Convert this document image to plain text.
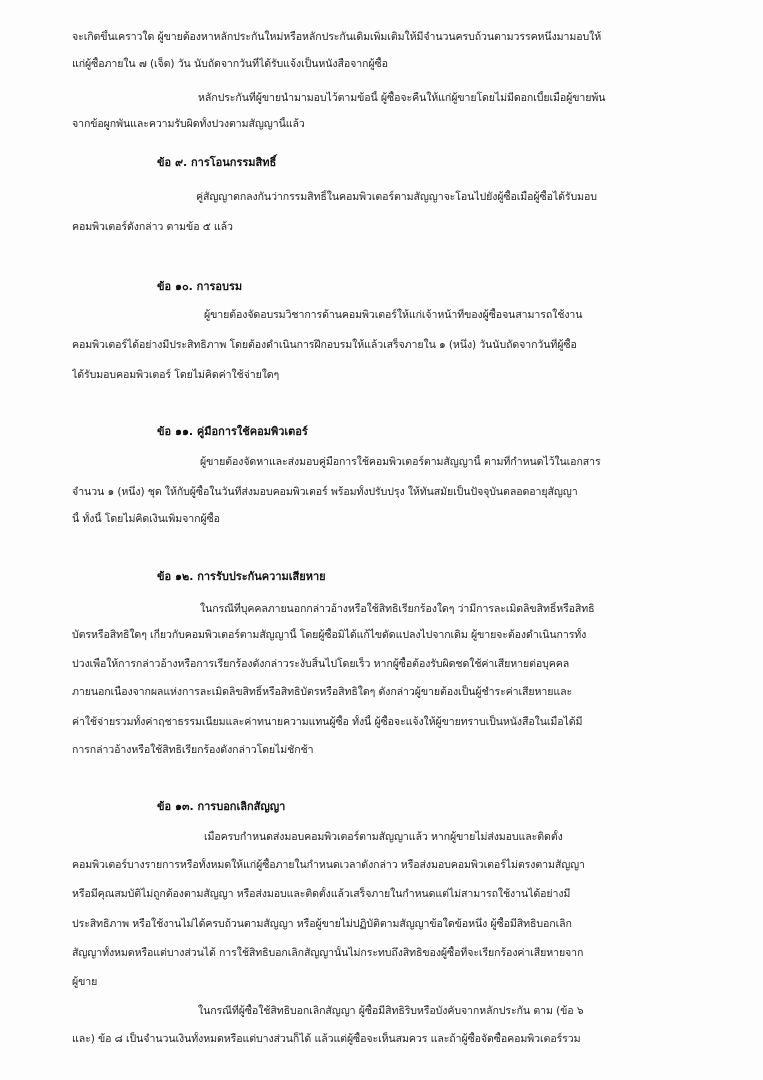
จะเกิดขึ้นเคราวใด ผู้ขายต้องหาหลักประกันใหม่หรือหลักประกันเดิมเพิ่มเติมให้มีจำนวนครบถ้วนตามวรรคหนึ่งมามอบให้
แก่ผู้ซื้อภายใน ๗ (เจ็ด) วัน นับถัดจากวันที่ได้รับแจ้งเป็นหนังสือจากผู้ซื้อ
หลักประกันที่ผู้ขายนำมามอบไว้ตามข้อนี้ ผู้ซื้อจะคืนให้แก่ผู้ขายโดยไม่มีดอกเบี้ยเมื่อผู้ขายพ้น
จากข้อผูกพันและความรับผิดทั้งปวงตามสัญญานี้แล้ว
ข้อ ๙. การโอนกรรมสิทธิ์
คู่สัญญาตกลงกันว่ากรรมสิทธิ์ในคอมพิวเตอร์ตามสัญญาจะโอนไปยังผู้ซื้อเมื่อผู้ซื้อได้รับมอบ
คอมพิวเตอร์ดังกล่าว ตามข้อ ๕ แล้ว
ข้อ ๑๐. การอบรม
ผู้ขายต้องจัดอบรมวิชาการด้านคอมพิวเตอร์ให้แก่เจ้าหน้าที่ของผู้ซื้อจนสามารถใช้งาน
คอมพิวเตอร์ได้อย่างมีประสิทธิภาพ โดยต้องดำเนินการฝึกอบรมให้แล้วเสร็จภายใน ๑ (หนึ่ง) วันนับถัดจากวันที่ผู้ซื้อ
ได้รับมอบคอมพิวเตอร์ โดยไม่คิดค่าใช้จ่ายใดๆ
ข้อ ๑๑. คู่มือการใช้คอมพิวเตอร์
ผู้ขายต้องจัดหาและส่งมอบคู่มือการใช้คอมพิวเตอร์ตามสัญญานี้ ตามที่กำหนดไว้ในเอกสาร
จำนวน ๑ (หนึ่ง) ชุด ให้กับผู้ซื้อในวันที่ส่งมอบคอมพิวเตอร์ พร้อมทั้งปรับปรุง ให้ทันสมัยเป็นปัจจุบันตลอดอายุสัญญา
นี้ ทั้งนี้ โดยไม่คิดเงินเพิ่มจากผู้ซื้อ
ข้อ ๑๒. การรับประกันความเสียหาย
ในกรณีที่บุคคลภายนอกกล่าวอ้างหรือใช้สิทธิเรียกร้องใดๆ ว่ามีการละเมิดลิขสิทธิ์หรือสิทธิ
บัตรหรือสิทธิใดๆ เกี่ยวกับคอมพิวเตอร์ตามสัญญานี้ โดยผู้ซื้อมิได้แก้ไขดัดแปลงไปจากเดิม ผู้ขายจะต้องดำเนินการทั้ง
ปวงเพื่อให้การกล่าวอ้างหรือการเรียกร้องดังกล่าวระงับสิ้นไปโดยเร็ว หากผู้ซื้อต้องรับผิดชดใช้ค่าเสียหายต่อบุคคล
ภายนอกเนื่องจากผลแห่งการละเมิดลิขสิทธิ์หรือสิทธิบัตรหรือสิทธิใดๆ ดังกล่าวผู้ขายต้องเป็นผู้ชำระค่าเสียหายและ
ค่าใช้จ่ายรวมทั้งค่าฤชาธรรมเนียมและค่าทนายความแทนผู้ซื้อ ทั้งนี้ ผู้ซื้อจะแจ้งให้ผู้ขายทราบเป็นหนังสือในเมื่อได้มี
การกล่าวอ้างหรือใช้สิทธิเรียกร้องดังกล่าวโดยไม่ชักช้า
ข้อ ๑๓. การบอกเลิกสัญญา
เมื่อครบกำหนดส่งมอบคอมพิวเตอร์ตามสัญญาแล้ว หากผู้ขายไม่ส่งมอบและติดตั้ง
คอมพิวเตอร์บางรายการหรือทั้งหมดให้แก่ผู้ซื้อภายในกำหนดเวลาดังกล่าว หรือส่งมอบคอมพิวเตอร์ไม่ตรงตามสัญญา
หรือมีคุณสมบัติไม่ถูกต้องตามสัญญา หรือส่งมอบและติดตั้งแล้วเสร็จภายในกำหนดแต่ไม่สามารถใช้งานได้อย่างมี
ประสิทธิภาพ หรือใช้งานไม่ได้ครบถ้วนตามสัญญา หรือผู้ขายไม่ปฏิบัติตามสัญญาข้อใดข้อหนึ่ง ผู้ซื้อมีสิทธิบอกเลิก
สัญญาทั้งหมดหรือแต่บางส่วนได้ การใช้สิทธิบอกเลิกสัญญานั้นไม่กระทบถึงสิทธิของผู้ซื้อที่จะเรียกร้องค่าเสียหายจาก
ผู้ขาย
ในกรณีที่ผู้ซื้อใช้สิทธิบอกเลิกสัญญา ผู้ซื้อมีสิทธิริบหรือบังคับจากหลักประกัน ตาม (ข้อ ๖
และ) ข้อ ๘ เป็นจำนวนเงินทั้งหมดหรือแต่บางส่วนก็ได้ แล้วแต่ผู้ซื้อจะเห็นสมควร และถ้าผู้ซื้อจัดซื้อคอมพิวเตอร์รวม
